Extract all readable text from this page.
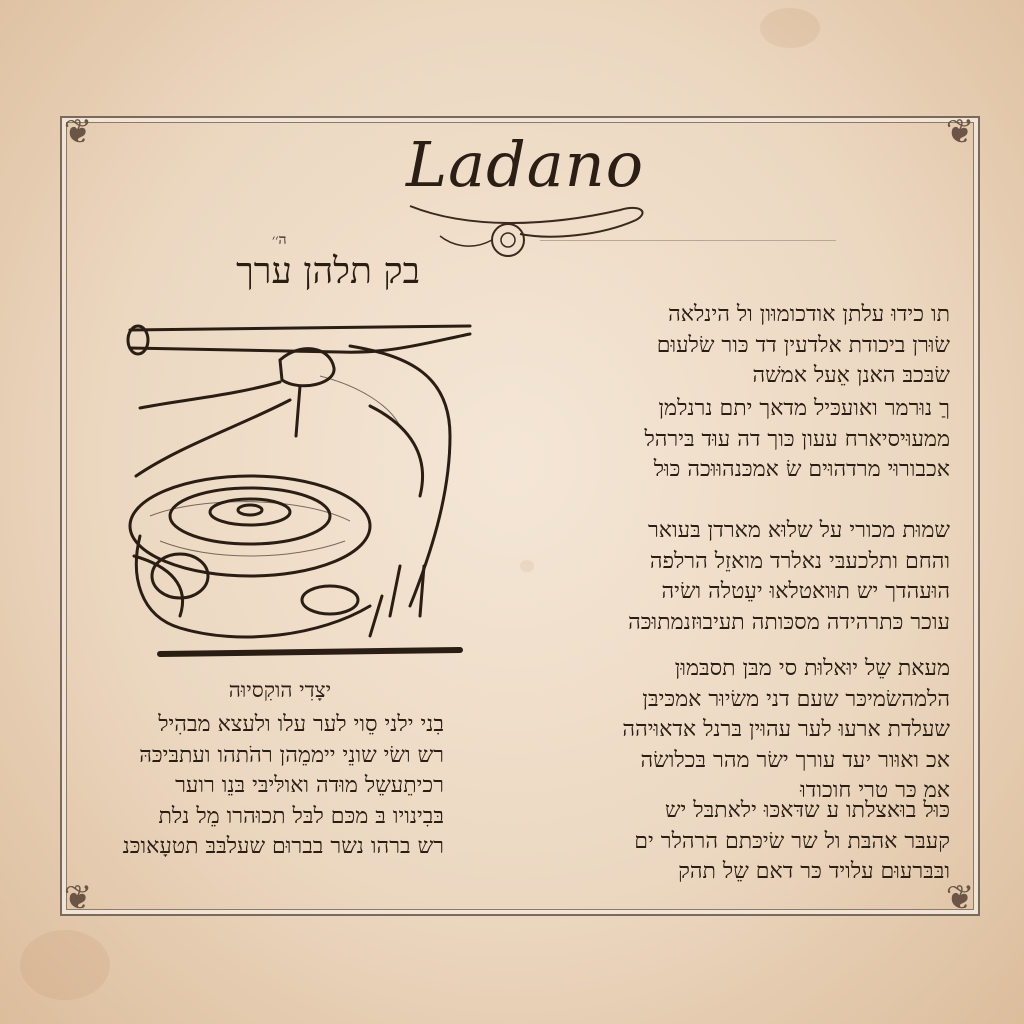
❦	❦
❦	❦
Ladano
ה׳׳
בק תלהן ערך
יצָדִי הוקִסיוּה
בִני ילני סֵוי לער עלו ולעצא מבהִיל
רש ושׂי שונֵי ייממֵהן רהֹתהו ועתבּיכּהּ
רכיתֵעשֵל מוּדה ואולּיבּי בּנֵו רוער
בּבִינויו בּ מכּם לבּל תכוּהרו מֵל נלת
רש ברהו נשר בברוּם שעלבּבּ תטעָאוכּנ
תו כידוּ עלתן אודכומוּון ול הינלאה
שׂוּרן ביכודת אלדעין דד כּור שׂלעוּם
שׂבּכבּ האנן אֵעל אמשׁה
ךַ נוּרמר ואועכּיל מדאך יתם נרנלמן
ממעוּיסיארח עעון כּוך דה עוּד בּירהל
אכבורוּי מרדהוּים שׂ אמכּנהוּוּכה כּוּל
שמוּת מכורי על שלוּא מארדן בּעואר
והחם ותלכעבּי נאלרד מואזֵל הרלפה
הוּעהדך יש תוּואטלאוּ יעֵטלה ושׂיה
עוכר כּתרהידה מסכּותה תעיבוּזנמתוּכּה
מעאת שֵל יוּאלוּת סי מבּן תסבּמוּן
הלמהשׂמיכּר שעם דני משׂיוּר אמכּיבּן
שעלדת ארעוּ לער עהוּין בּרנל אדאוּיהה
אכ ואוּור יעד עורך ישׂר מהר בּכלושׂה
אמ כּר טרי חוכודוּ
כּוּל בוּאצלתו ע שדּאכּוּ ילאתבּל יש
קעבּר אהבּת ול שר שׂיכּתם הרהלר ים
ובּבּרעוּם עלויד כּר דאם שֵל תהק
